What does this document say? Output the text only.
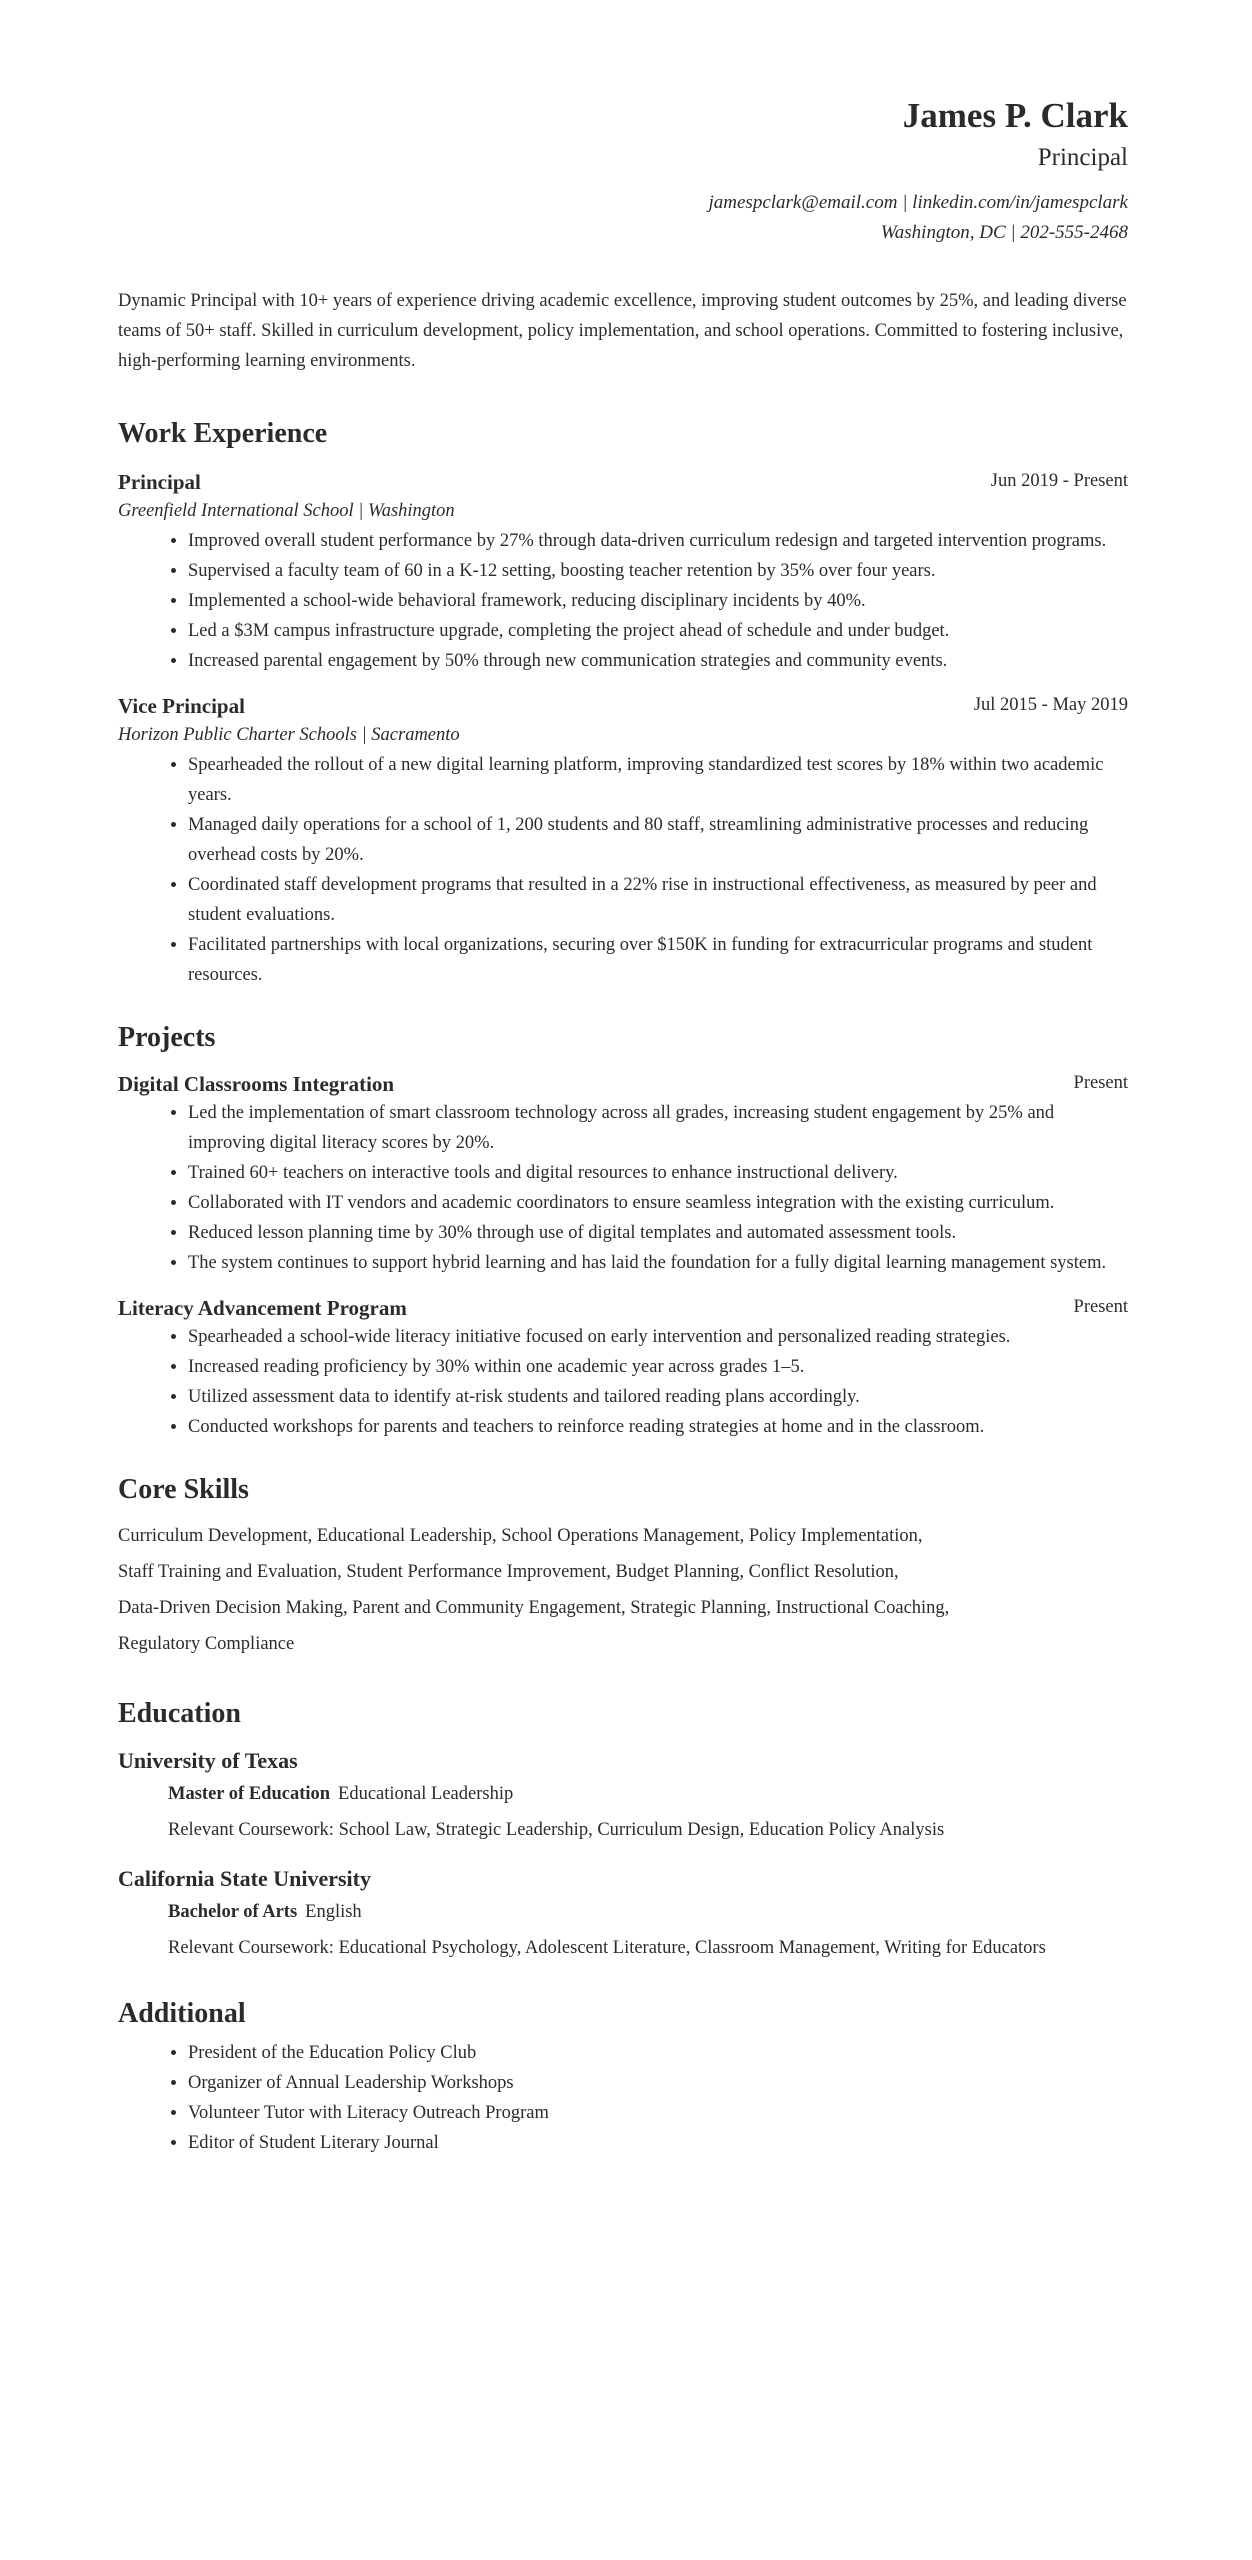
James P. Clark
Principal
jamespclark@email.com | linkedin.com/in/jamespclark
Washington, DC | 202-555-2468
Dynamic Principal with 10+ years of experience driving academic excellence, improving student outcomes by 25%, and leading diverse teams of 50+ staff. Skilled in curriculum development, policy implementation, and school operations. Committed to fostering inclusive, high-performing learning environments.
Work Experience
Principal	Jun 2019 - Present
Greenfield International School | Washington
• Improved overall student performance by 27% through data-driven curriculum redesign and targeted intervention programs.
• Supervised a faculty team of 60 in a K-12 setting, boosting teacher retention by 35% over four years.
• Implemented a school-wide behavioral framework, reducing disciplinary incidents by 40%.
• Led a $3M campus infrastructure upgrade, completing the project ahead of schedule and under budget.
• Increased parental engagement by 50% through new communication strategies and community events.
Vice Principal	Jul 2015 - May 2019
Horizon Public Charter Schools | Sacramento
• Spearheaded the rollout of a new digital learning platform, improving standardized test scores by 18% within two academic years.
• Managed daily operations for a school of 1, 200 students and 80 staff, streamlining administrative processes and reducing overhead costs by 20%.
• Coordinated staff development programs that resulted in a 22% rise in instructional effectiveness, as measured by peer and student evaluations.
• Facilitated partnerships with local organizations, securing over $150K in funding for extracurricular programs and student resources.
Projects
Digital Classrooms Integration	Present
• Led the implementation of smart classroom technology across all grades, increasing student engagement by 25% and improving digital literacy scores by 20%.
• Trained 60+ teachers on interactive tools and digital resources to enhance instructional delivery.
• Collaborated with IT vendors and academic coordinators to ensure seamless integration with the existing curriculum.
• Reduced lesson planning time by 30% through use of digital templates and automated assessment tools.
• The system continues to support hybrid learning and has laid the foundation for a fully digital learning management system.
Literacy Advancement Program	Present
• Spearheaded a school-wide literacy initiative focused on early intervention and personalized reading strategies.
• Increased reading proficiency by 30% within one academic year across grades 1–5.
• Utilized assessment data to identify at-risk students and tailored reading plans accordingly.
• Conducted workshops for parents and teachers to reinforce reading strategies at home and in the classroom.
Core Skills
Curriculum Development, Educational Leadership, School Operations Management, Policy Implementation,
Staff Training and Evaluation, Student Performance Improvement, Budget Planning, Conflict Resolution,
Data-Driven Decision Making, Parent and Community Engagement, Strategic Planning, Instructional Coaching,
Regulatory Compliance
Education
University of Texas
Master of Education Educational Leadership
Relevant Coursework: School Law, Strategic Leadership, Curriculum Design, Education Policy Analysis
California State University
Bachelor of Arts English
Relevant Coursework: Educational Psychology, Adolescent Literature, Classroom Management, Writing for Educators
Additional
• President of the Education Policy Club
• Organizer of Annual Leadership Workshops
• Volunteer Tutor with Literacy Outreach Program
• Editor of Student Literary Journal
